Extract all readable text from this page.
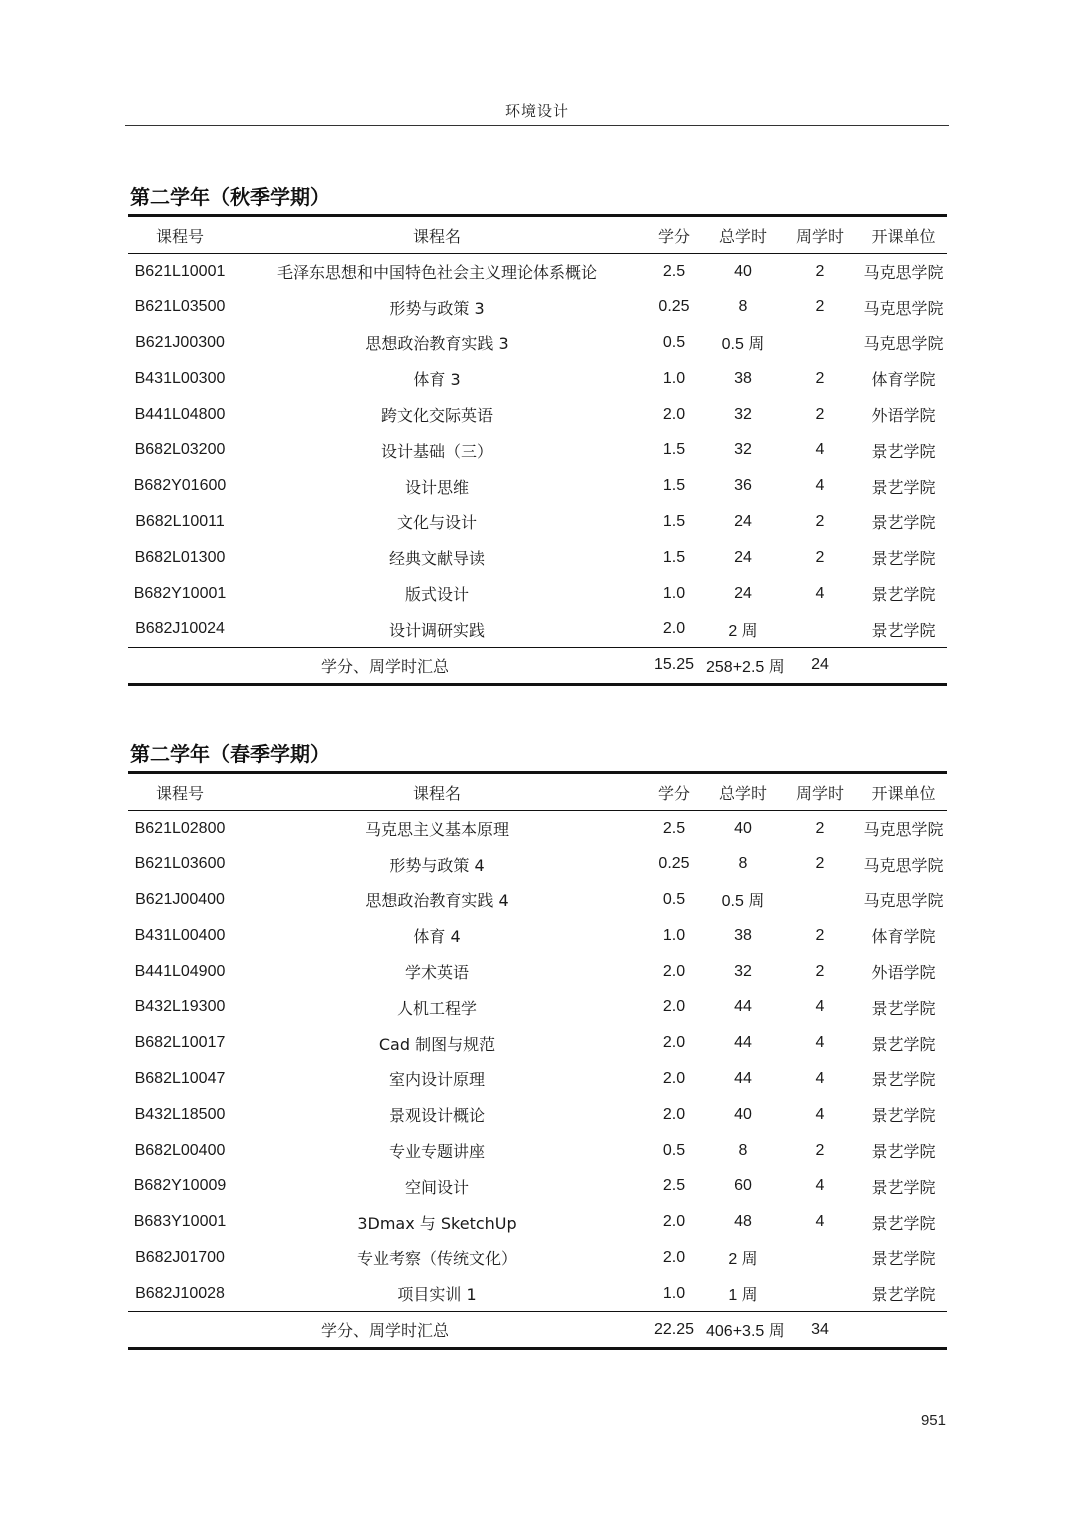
环境设计
第二学年（秋季学期）
课程号	课程名	学分	总学时	周学时	开课单位
B621L10001	毛泽东思想和中国特色社会主义理论体系概论	2.5	40	2	马克思学院
B621L03500	形势与政策 3	0.25	8	2	马克思学院
B621J00300	思想政治教育实践 3	0.5	0.5 周		马克思学院
B431L00300	体育 3	1.0	38	2	体育学院
B441L04800	跨文化交际英语	2.0	32	2	外语学院
B682L03200	设计基础（三）	1.5	32	4	景艺学院
B682Y01600	设计思维	1.5	36	4	景艺学院
B682L10011	文化与设计	1.5	24	2	景艺学院
B682L01300	经典文献导读	1.5	24	2	景艺学院
B682Y10001	版式设计	1.0	24	4	景艺学院
B682J10024	设计调研实践	2.0	2 周		景艺学院
学分、周学时汇总		15.25	258+2.5 周	24	
第二学年（春季学期）
课程号	课程名	学分	总学时	周学时	开课单位
B621L02800	马克思主义基本原理	2.5	40	2	马克思学院
B621L03600	形势与政策 4	0.25	8	2	马克思学院
B621J00400	思想政治教育实践 4	0.5	0.5 周		马克思学院
B431L00400	体育 4	1.0	38	2	体育学院
B441L04900	学术英语	2.0	32	2	外语学院
B432L19300	人机工程学	2.0	44	4	景艺学院
B682L10017	Cad 制图与规范	2.0	44	4	景艺学院
B682L10047	室内设计原理	2.0	44	4	景艺学院
B432L18500	景观设计概论	2.0	40	4	景艺学院
B682L00400	专业专题讲座	0.5	8	2	景艺学院
B682Y10009	空间设计	2.5	60	4	景艺学院
B683Y10001	3Dmax 与 SketchUp	2.0	48	4	景艺学院
B682J01700	专业考察（传统文化）	2.0	2 周		景艺学院
B682J10028	项目实训 1	1.0	1 周		景艺学院
学分、周学时汇总		22.25	406+3.5 周	34	
951
